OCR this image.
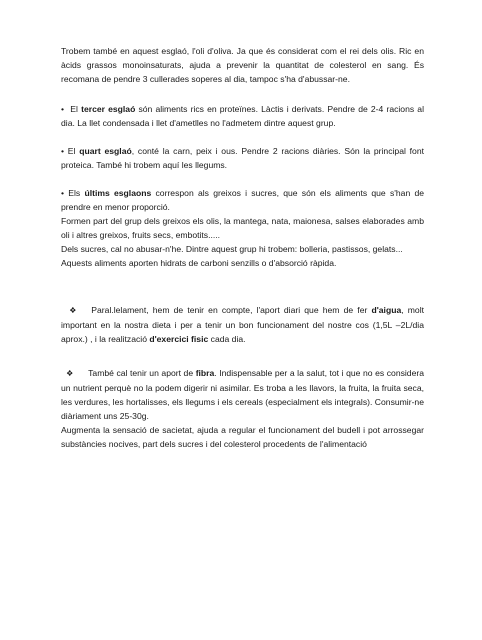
Trobem també en aquest esglaó, l'oli d'oliva. Ja que és considerat com el rei dels olis. Ric en àcids grassos monoinsaturats, ajuda a prevenir la quantitat de colesterol en sang. És recomana de pendre 3 cullerades soperes al dia, tampoc s'ha d'abussar-ne.

• El tercer esglaó són aliments rics en proteïnes. Làctis i derivats. Pendre de 2-4 racions al dia. La llet condensada i llet d'ametlles no l'admetem dintre aquest grup.

• El quart esglaó, conté la carn, peix i ous. Pendre 2 racions diàries. Són la principal font proteica. També hi trobem aquí les llegums.

• Els últims esglaons correspon als greixos i sucres, que són els aliments que s'han de prendre en menor proporció.

Formen part del grup dels greixos els olis, la mantega, nata, maionesa, salses elaborades amb oli i altres greixos, fruits secs, embotits.....

Dels sucres, cal no abusar-n'he. Dintre aquest grup hi trobem: bolleria, pastissos, gelats...

Aquests aliments aporten hidrats de carboni senzills o d'absorció ràpida.

❖ Paral.lelament, hem de tenir en compte, l'aport diari que hem de fer d'aigua, molt important en la nostra dieta i per a tenir un bon funcionament del nostre cos (1,5L –2L/dia aprox.) , i la realització d'exercici fisic cada dia.

❖ També cal tenir un aport de fibra. Indispensable per a la salut, tot i que no es considera un nutrient perquè no la podem digerir ni asimilar. Es troba a les llavors, la fruita, la fruita seca, les verdures, les hortalisses, els llegums i els cereals (especialment els integrals). Consumir-ne diàriament uns 25-30g.

Augmenta la sensació de sacietat, ajuda a regular el funcionament del budell i pot arrossegar substàncies nocives, part dels sucres i del colesterol procedents de l'alimentació
